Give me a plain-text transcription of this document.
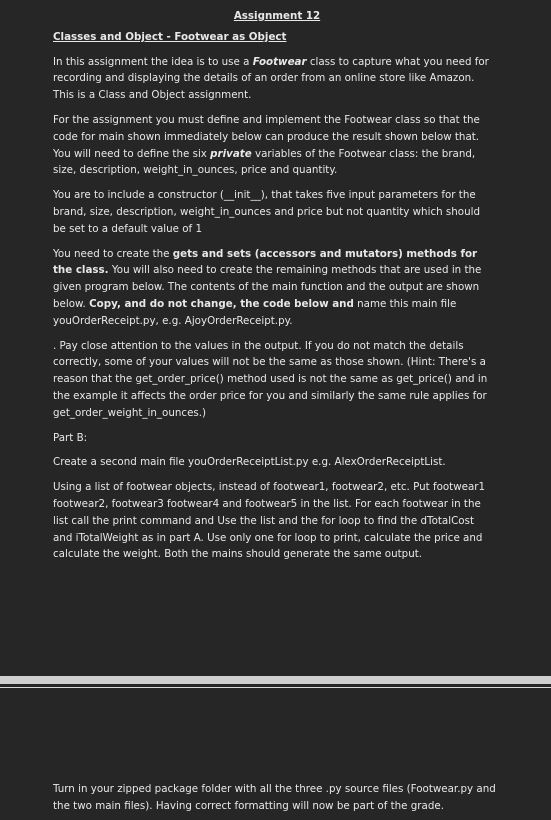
Assignment 12
Classes and Object - Footwear as Object

In this assignment the idea is to use a Footwear class to capture what you need for recording and displaying the details of an order from an online store like Amazon. This is a Class and Object assignment.

For the assignment you must define and implement the Footwear class so that the code for main shown immediately below can produce the result shown below that. You will need to define the six private variables of the Footwear class: the brand, size, description, weight_in_ounces, price and quantity.

You are to include a constructor (__init__), that takes five input parameters for the brand, size, description, weight_in_ounces and price but not quantity which should be set to a default value of 1

You need to create the gets and sets (accessors and mutators) methods for the class. You will also need to create the remaining methods that are used in the given program below. The contents of the main function and the output are shown below. Copy, and do not change, the code below and name this main file youOrderReceipt.py, e.g. AjoyOrderReceipt.py.

. Pay close attention to the values in the output. If you do not match the details correctly, some of your values will not be the same as those shown. (Hint: There's a reason that the get_order_price() method used is not the same as get_price() and in the example it affects the order price for you and similarly the same rule applies for get_order_weight_in_ounces.)

Part B:

Create a second main file youOrderReceiptList.py e.g. AlexOrderReceiptList.

Using a list of footwear objects, instead of footwear1, footwear2, etc. Put footwear1 footwear2, footwear3 footwear4 and footwear5 in the list. For each footwear in the list call the print command and Use the list and the for loop to find the dTotalCost and iTotalWeight as in part A. Use only one for loop to print, calculate the price and calculate the weight. Both the mains should generate the same output.

Turn in your zipped package folder with all the three .py source files (Footwear.py and the two main files). Having correct formatting will now be part of the grade.
